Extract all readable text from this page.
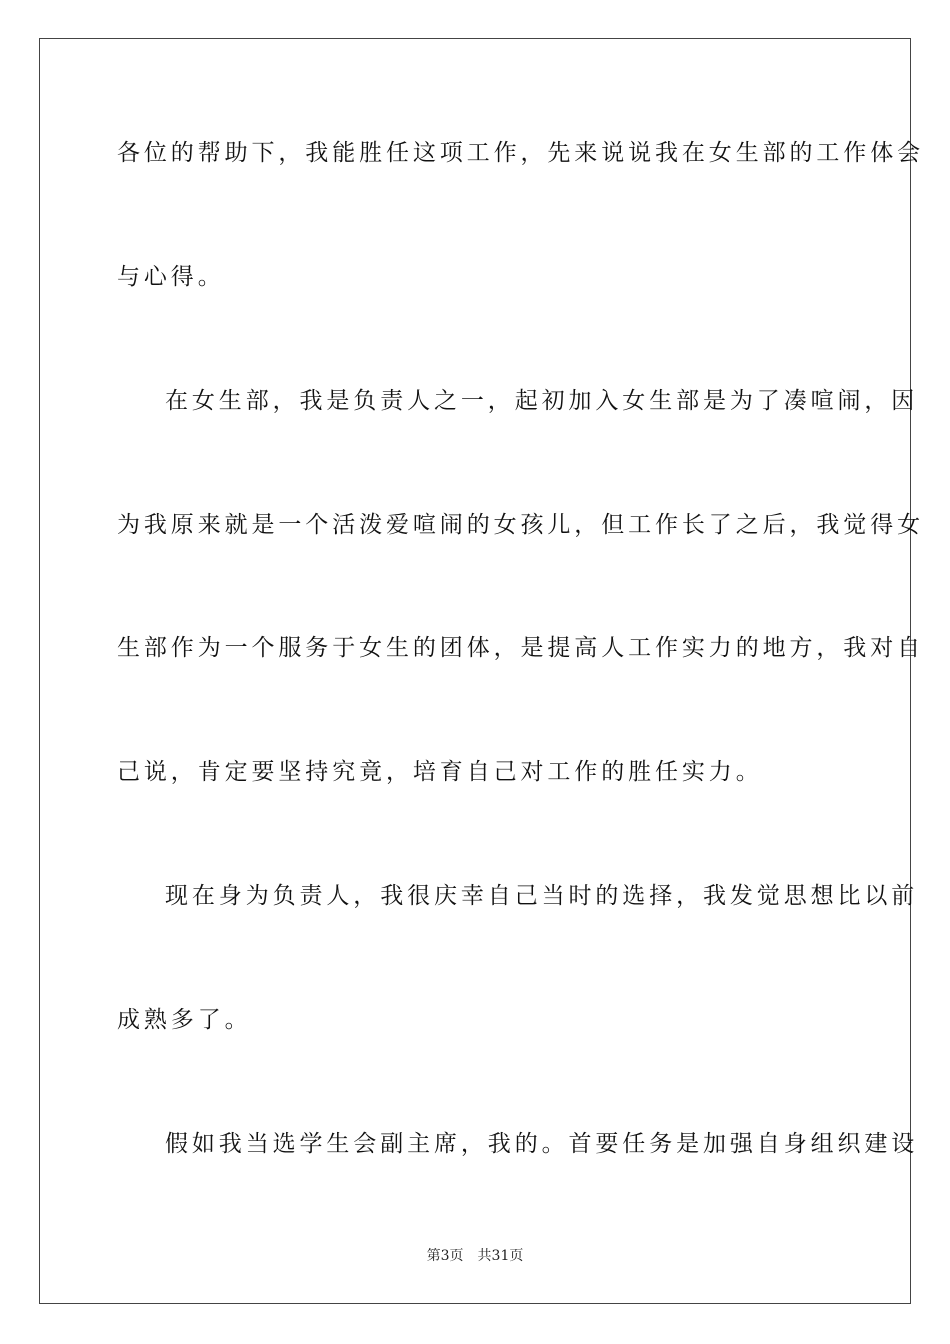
各位的帮助下，我能胜任这项工作，先来说说我在女生部的工作体会
与心得。
在女生部，我是负责人之一，起初加入女生部是为了凑喧闹，因
为我原来就是一个活泼爱喧闹的女孩儿，但工作长了之后，我觉得女
生部作为一个服务于女生的团体，是提高人工作实力的地方，我对自
己说，肯定要坚持究竟，培育自己对工作的胜任实力。
现在身为负责人，我很庆幸自己当时的选择，我发觉思想比以前
成熟多了。
假如我当选学生会副主席，我的。首要任务是加强自身组织建设
第3页 共31页
